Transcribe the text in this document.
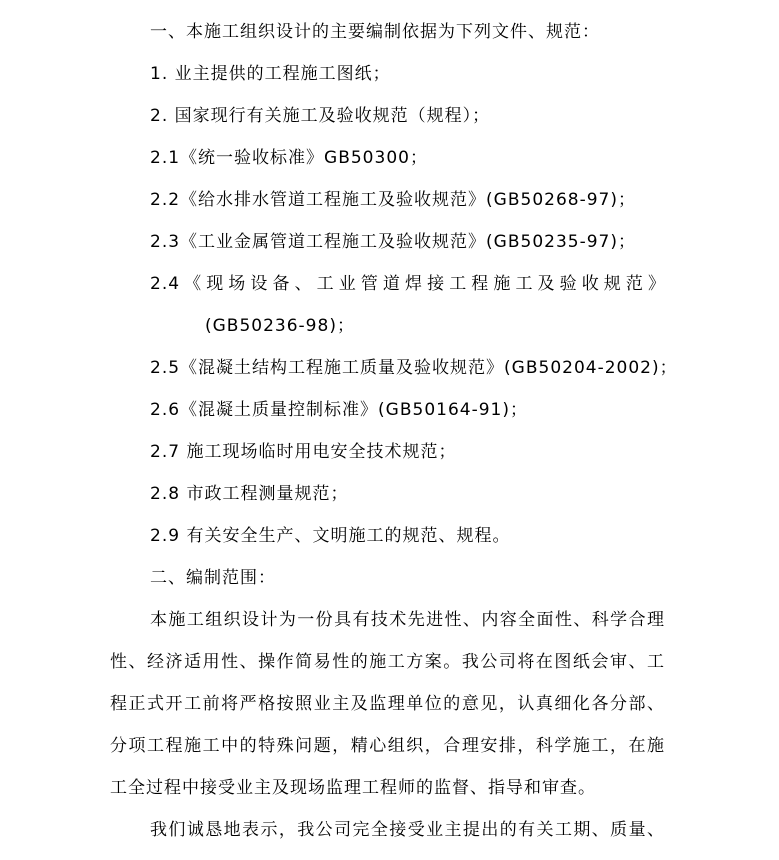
一、本施工组织设计的主要编制依据为下列文件、规范：
1. 业主提供的工程施工图纸；
2. 国家现行有关施工及验收规范（规程）；
2.1《统一验收标准》GB50300；
2.2《给水排水管道工程施工及验收规范》(GB50268-97)；
2.3《工业金属管道工程施工及验收规范》(GB50235-97)；
2.4《现场设备、工业管道焊接工程施工及验收规范》
(GB50236-98)；
2.5《混凝土结构工程施工质量及验收规范》(GB50204-2002)；
2.6《混凝土质量控制标准》(GB50164-91)；
2.7 施工现场临时用电安全技术规范；
2.8 市政工程测量规范；
2.9 有关安全生产、文明施工的规范、规程。
二、编制范围：
本施工组织设计为一份具有技术先进性、内容全面性、科学合理
性、经济适用性、操作简易性的施工方案。我公司将在图纸会审、工
程正式开工前将严格按照业主及监理单位的意见，认真细化各分部、
分项工程施工中的特殊问题，精心组织，合理安排，科学施工，在施
工全过程中接受业主及现场监理工程师的监督、指导和审查。
我们诚恳地表示，我公司完全接受业主提出的有关工期、质量、
